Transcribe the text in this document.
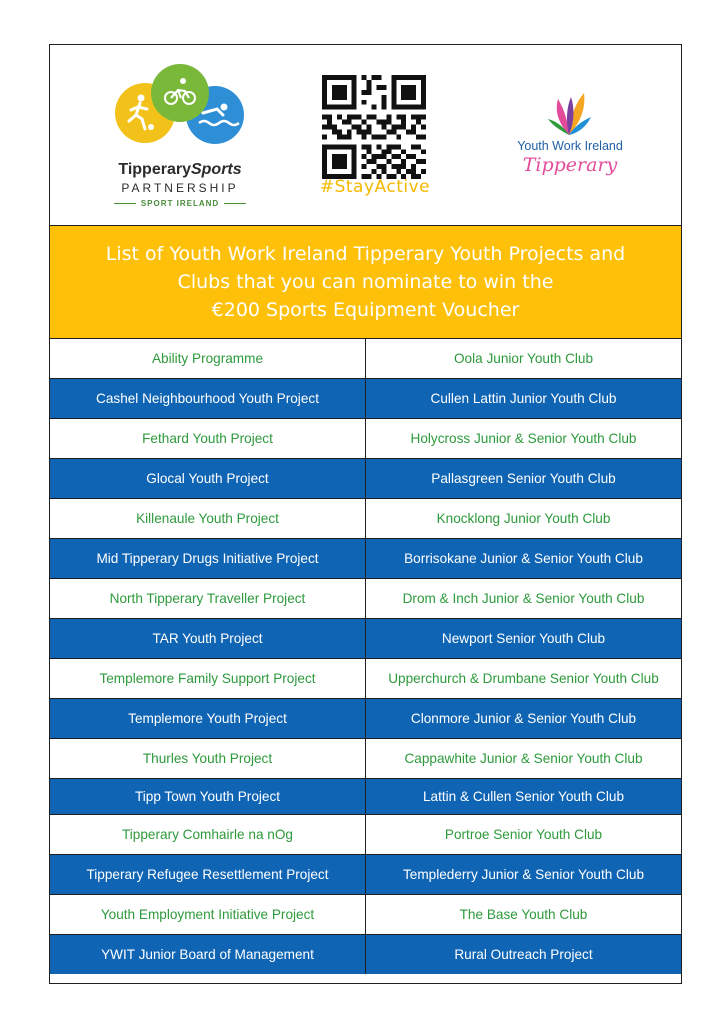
TipperarySports
PARTNERSHIP
SPORT IRELAND
#StayActive
Youth Work Ireland
Tipperary
List of Youth Work Ireland Tipperary Youth Projects and
Clubs that you can nominate to win the
€200 Sports Equipment Voucher
Ability Programme	Oola Junior Youth Club
Cashel Neighbourhood Youth Project	Cullen Lattin Junior Youth Club
Fethard Youth Project	Holycross Junior & Senior Youth Club
Glocal Youth Project	Pallasgreen Senior Youth Club
Killenaule Youth Project	Knocklong Junior Youth Club
Mid Tipperary Drugs Initiative Project	Borrisokane Junior & Senior Youth Club
North Tipperary Traveller Project	Drom & Inch Junior & Senior Youth Club
TAR Youth Project	Newport Senior Youth Club
Templemore Family Support Project	Upperchurch & Drumbane Senior Youth Club
Templemore Youth Project	Clonmore Junior & Senior Youth Club
Thurles Youth Project	Cappawhite Junior & Senior Youth Club
Tipp Town Youth Project	Lattin & Cullen Senior Youth Club
Tipperary Comhairle na nOg	Portroe Senior Youth Club
Tipperary Refugee Resettlement Project	Templederry Junior & Senior Youth Club
Youth Employment Initiative Project	The Base Youth Club
YWIT Junior Board of Management	Rural Outreach Project
